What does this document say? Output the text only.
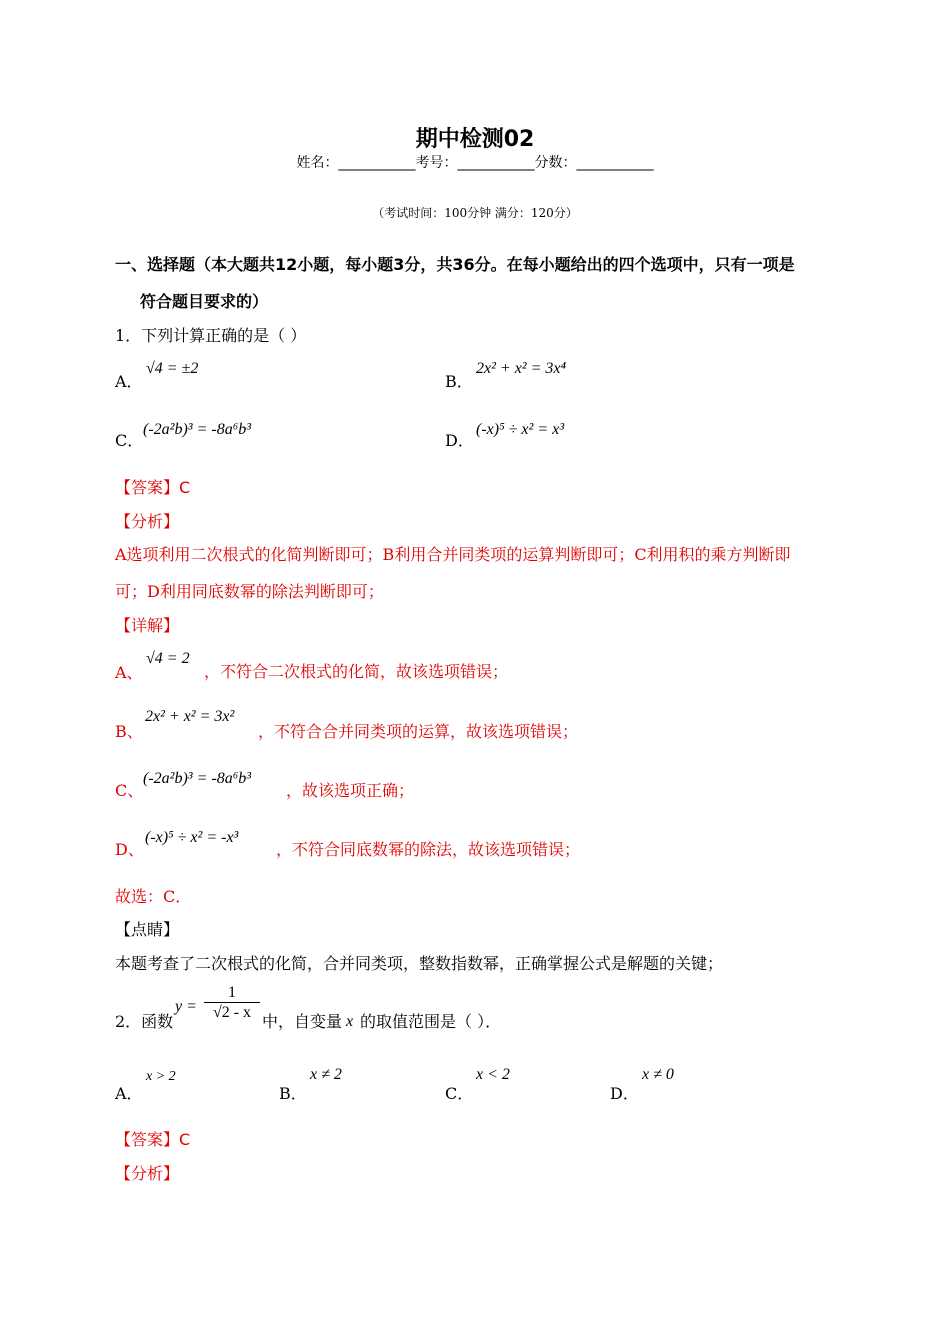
期中检测02
姓名：___________考号：___________分数：___________
（考试时间：100分钟 满分：120分）
一、选择题（本大题共12小题，每小题3分，共36分。在每小题给出的四个选项中，只有一项是
符合题目要求的）
1．下列计算正确的是（ ）
A．
√4 = ±2
B．
2x² + x² = 3x⁴
C．
(-2a²b)³ = -8a⁶b³
D．
(-x)⁵ ÷ x² = x³
【答案】C
【分析】
A选项利用二次根式的化简判断即可；B利用合并同类项的运算判断即可；C利用积的乘方判断即
可；D利用同底数幂的除法判断即可；
【详解】
A、
√4 = 2
，不符合二次根式的化简，故该选项错误；
B、
2x² + x² = 3x²
，不符合合并同类项的运算，故该选项错误；
C、
(-2a²b)³ = -8a⁶b³
，故该选项正确；
D、
(-x)⁵ ÷ x² = -x³
，不符合同底数幂的除法，故该选项错误；
故选：C．
【点睛】
本题考查了二次根式的化简，合并同类项，整数指数幂，正确掌握公式是解题的关键；
2．函数
$y = \frac{1}{√2 - x}$ 中，自变量 x 的取值范围是（ ）．
A．
x > 2
B．
x ≠ 2
C．
x < 2
D．
x ≠ 0
【答案】C
【分析】
